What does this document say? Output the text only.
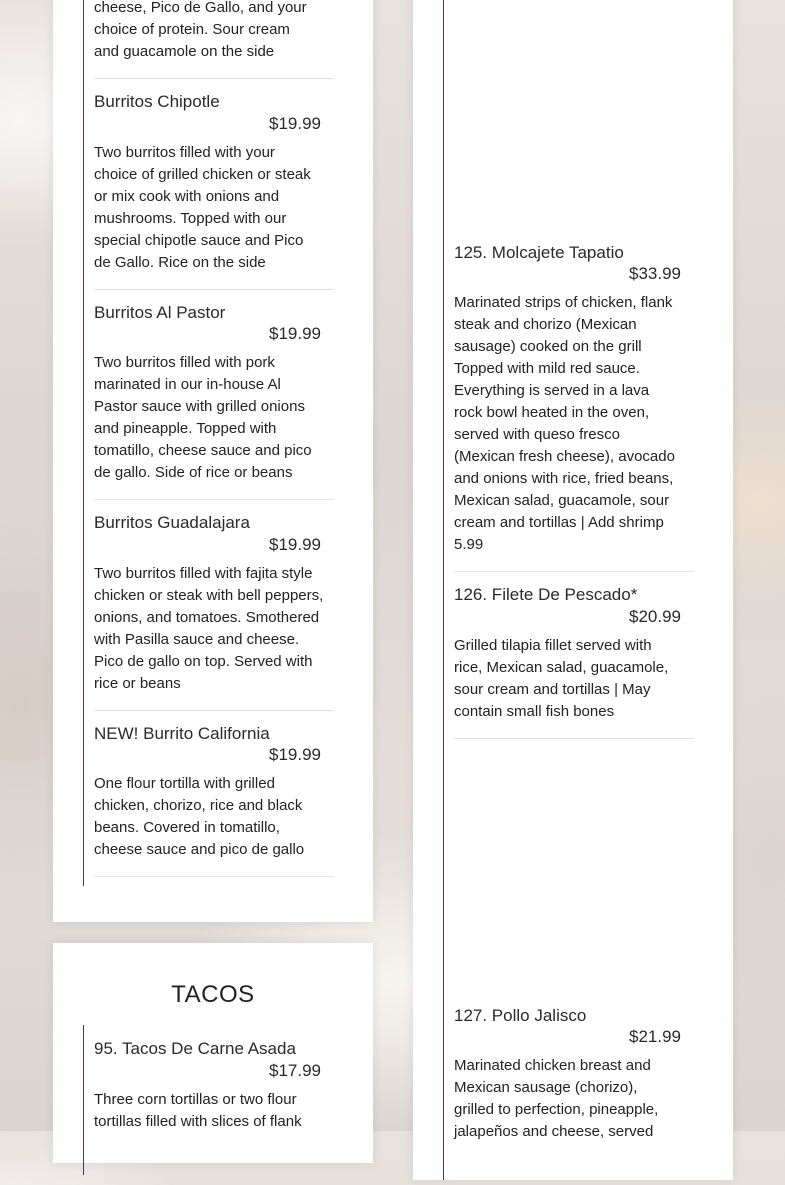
cheese, Pico de Gallo, and your choice of protein. Sour cream and guacamole on the side
Burritos Chipotle
$19.99
Two burritos filled with your choice of grilled chicken or steak or mix cook with onions and mushrooms. Topped with our special chipotle sauce and Pico de Gallo. Rice on the side
Burritos Al Pastor
$19.99
Two burritos filled with pork marinated in our in-house Al Pastor sauce with grilled onions and pineapple. Topped with tomatillo, cheese sauce and pico de gallo. Side of rice or beans
Burritos Guadalajara
$19.99
Two burritos filled with fajita style chicken or steak with bell peppers, onions, and tomatoes. Smothered with Pasilla sauce and cheese. Pico de gallo on top. Served with rice or beans
NEW! Burrito California
$19.99
One flour tortilla with grilled chicken, chorizo, rice and black beans. Covered in tomatillo, cheese sauce and pico de gallo
TACOS
95. Tacos De Carne Asada
$17.99
Three corn tortillas or two flour tortillas filled with slices of flank
125. Molcajete Tapatio
$33.99
Marinated strips of chicken, flank steak and chorizo (Mexican sausage) cooked on the grill Topped with mild red sauce. Everything is served in a lava rock bowl heated in the oven, served with queso fresco (Mexican fresh cheese), avocado and onions with rice, fried beans, Mexican salad, guacamole, sour cream and tortillas | Add shrimp 5.99
126. Filete De Pescado*
$20.99
Grilled tilapia fillet served with rice, Mexican salad, guacamole, sour cream and tortillas | May contain small fish bones
127. Pollo Jalisco
$21.99
Marinated chicken breast and Mexican sausage (chorizo), grilled to perfection, pineapple, jalapeños and cheese, served
